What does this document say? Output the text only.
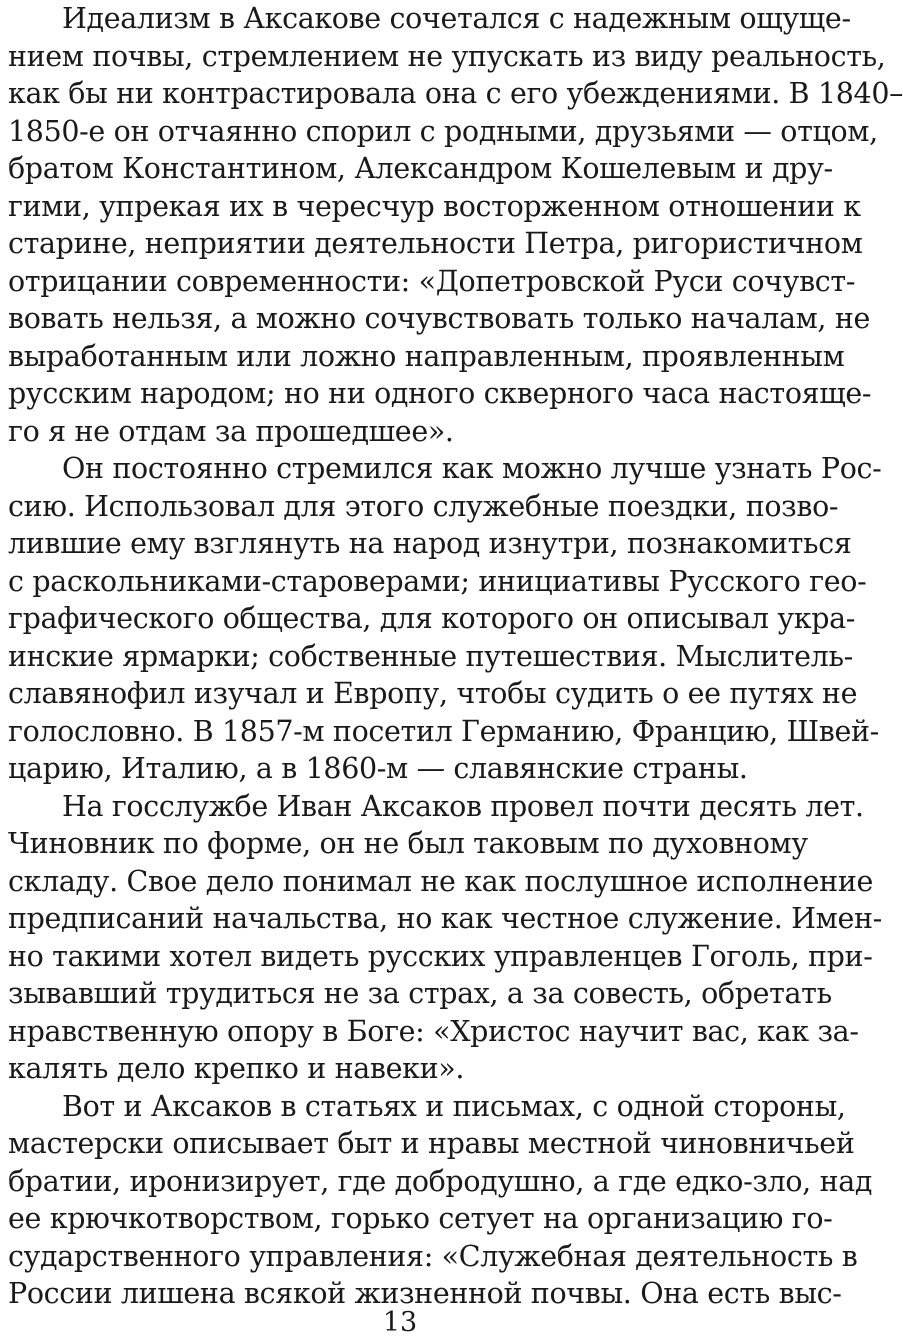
Идеализм в Аксакове сочетался с надежным ощуще-
нием почвы, стремлением не упускать из виду реальность,
как бы ни контрастировала она с его убеждениями. В 1840–
1850-е он отчаянно спорил с родными, друзьями — отцом,
братом Константином, Александром Кошелевым и дру-
гими, упрекая их в чересчур восторженном отношении к
старине, неприятии деятельности Петра, ригористичном
отрицании современности: «Допетровской Руси сочувст-
вовать нельзя, а можно сочувствовать только началам, не
выработанным или ложно направленным, проявленным
русским народом; но ни одного скверного часа настояще-
го я не отдам за прошедшее».
Он постоянно стремился как можно лучше узнать Рос-
сию. Использовал для этого служебные поездки, позво-
лившие ему взглянуть на народ изнутри, познакомиться
с раскольниками-староверами; инициативы Русского гео-
графического общества, для которого он описывал укра-
инские ярмарки; собственные путешествия. Мыслитель-
славянофил изучал и Европу, чтобы судить о ее путях не
голословно. В 1857-м посетил Германию, Францию, Швей-
царию, Италию, а в 1860-м — славянские страны.
На госслужбе Иван Аксаков провел почти десять лет.
Чиновник по форме, он не был таковым по духовному
складу. Свое дело понимал не как послушное исполнение
предписаний начальства, но как честное служение. Имен-
но такими хотел видеть русских управленцев Гоголь, при-
зывавший трудиться не за страх, а за совесть, обретать
нравственную опору в Боге: «Христос научит вас, как за-
калять дело крепко и навеки».
Вот и Аксаков в статьях и письмах, с одной стороны,
мастерски описывает быт и нравы местной чиновничьей
братии, иронизирует, где добродушно, а где едко-зло, над
ее крючкотворством, горько сетует на организацию го-
сударственного управления: «Служебная деятельность в
России лишена всякой жизненной почвы. Она есть выс-
13
